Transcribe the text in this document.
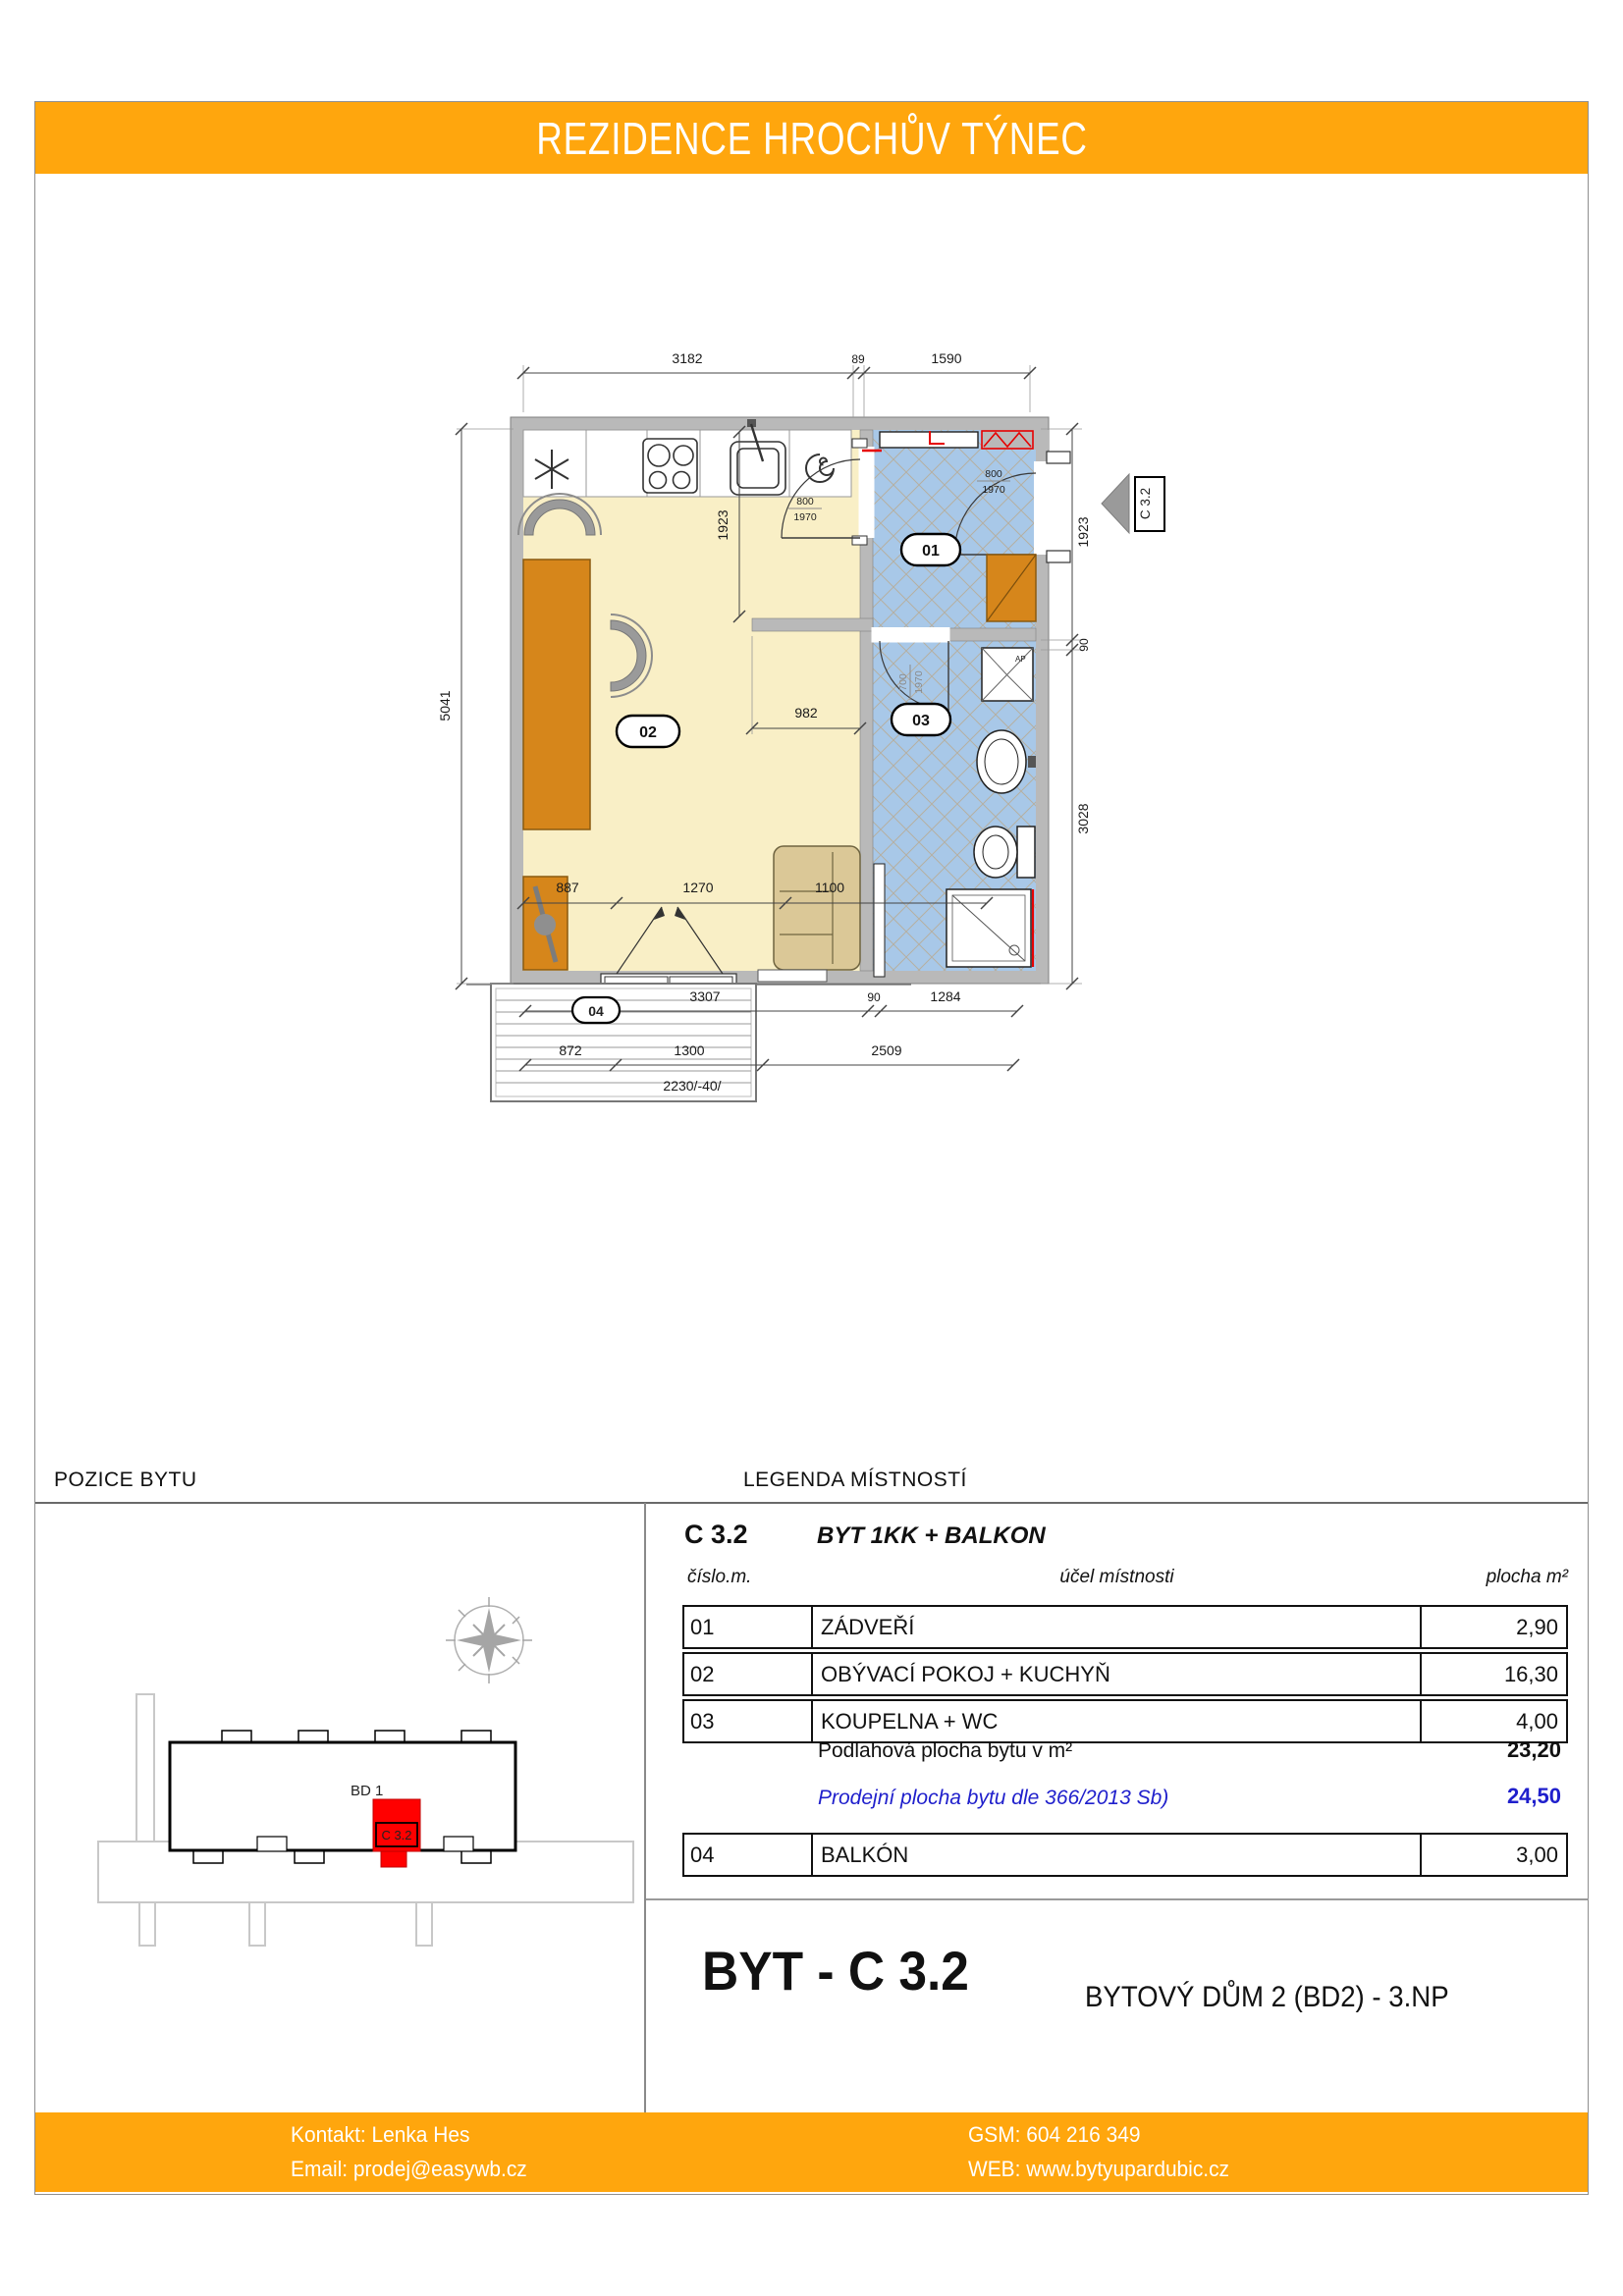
REZIDENCE HROCHŮV TÝNEC
800
1970
800
1970
700 1970
AP
01
02
03
3182	89	1590
5041
1923
90
3028
1923
982
887	1270	1100
3307	90	1284
872	1300	2509
2230/-40/
04
C 3.2
POZICE BYTU	LEGENDA MÍSTNOSTÍ
BD 1
C 3.2
C 3.2	BYT 1KK + BALKON
číslo.m.	účel místnosti	plocha m²
01	ZÁDVEŘÍ	2,90
02	OBÝVACÍ POKOJ + KUCHYŇ	16,30
03	KOUPELNA + WC	4,00
Podlahová plocha bytu v m²	23,20
Prodejní plocha bytu dle 366/2013 Sb)	24,50
04	BALKÓN	3,00
BYT - C 3.2	BYTOVÝ DŮM 2 (BD2) - 3.NP
Kontakt: Lenka Hes
Email: prodej@easywb.cz
GSM: 604 216 349
WEB: www.bytyupardubic.cz
